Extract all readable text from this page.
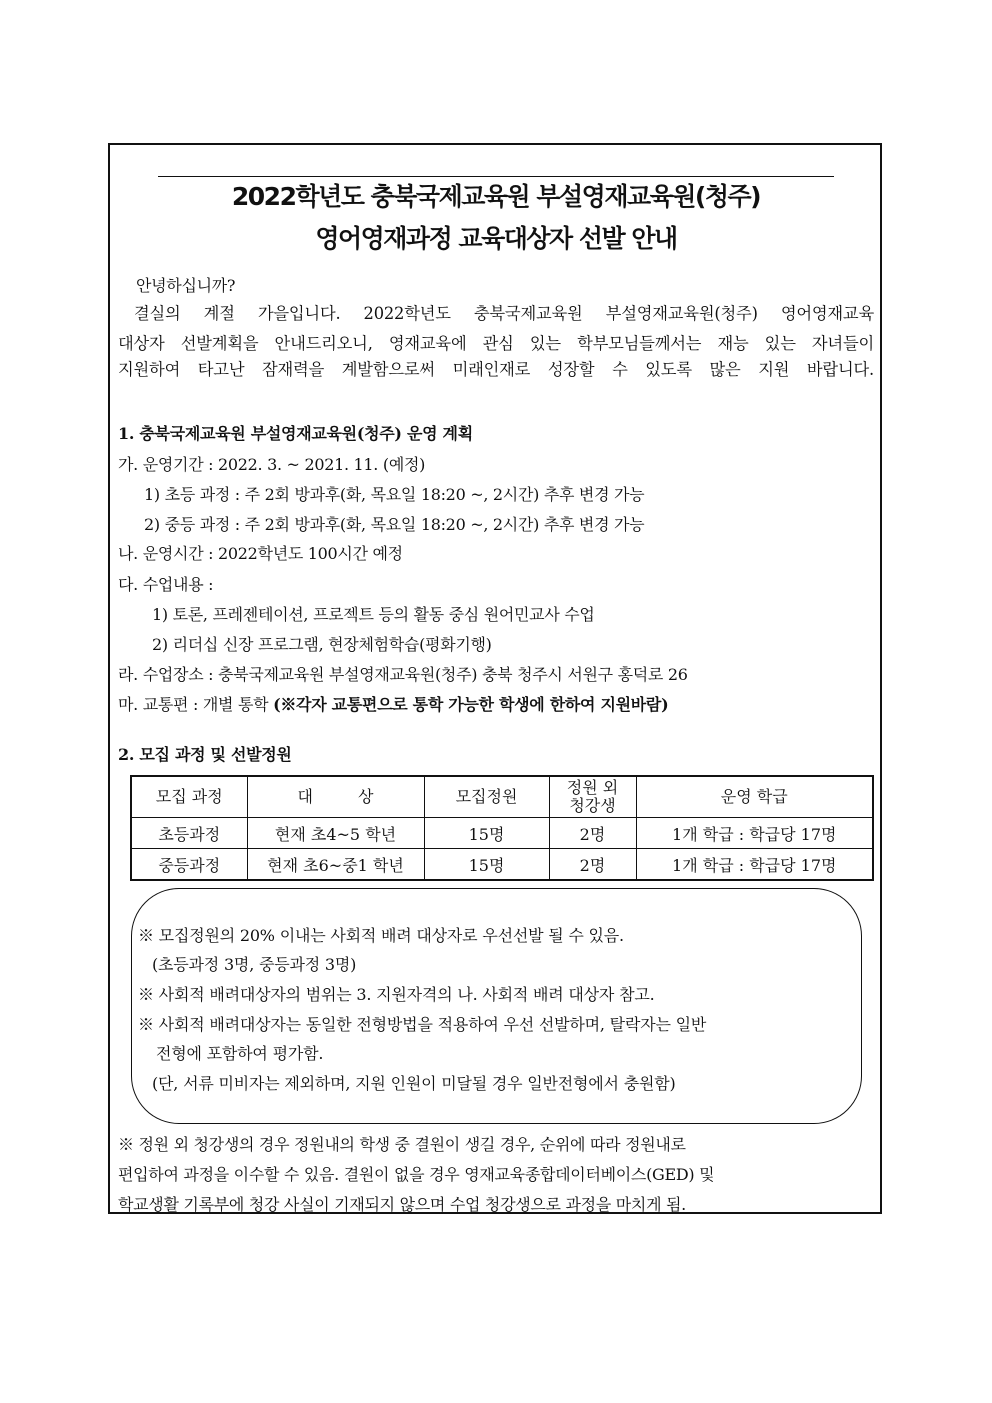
2022학년도 충북국제교육원 부설영재교육원(청주)
영어영재과정 교육대상자 선발 안내
안녕하십니까?
결실의 계절 가을입니다. 2022학년도 충북국제교육원 부설영재교육원(청주) 영어영재교육
대상자 선발계획을 안내드리오니, 영재교육에 관심 있는 학부모님들께서는 재능 있는 자녀들이
지원하여 타고난 잠재력을 계발함으로써 미래인재로 성장할 수 있도록 많은 지원 바랍니다.
1. 충북국제교육원 부설영재교육원(청주) 운영 계획
가. 운영기간 : 2022. 3. ~ 2021. 11. (예정)
1) 초등 과정 : 주 2회 방과후(화, 목요일 18:20 ~, 2시간) 추후 변경 가능
2) 중등 과정 : 주 2회 방과후(화, 목요일 18:20 ~, 2시간) 추후 변경 가능
나. 운영시간 : 2022학년도 100시간 예정
다. 수업내용 :
1) 토론, 프레젠테이션, 프로젝트 등의 활동 중심 원어민교사 수업
2) 리더십 신장 프로그램, 현장체험학습(평화기행)
라. 수업장소 : 충북국제교육원 부설영재교육원(청주) 충북 청주시 서원구 홍덕로 26
마. 교통편 : 개별 통학 (※각자 교통편으로 통학 가능한 학생에 한하여 지원바람)
2. 모집 과정 및 선발정원
모집 과정	대 상	모집정원	정원 외
청강생	운영 학급
초등과정	현재 초4~5 학년	15명	2명	1개 학급 : 학급당 17명
중등과정	현재 초6~중1 학년	15명	2명	1개 학급 : 학급당 17명
※ 모집정원의 20% 이내는 사회적 배려 대상자로 우선선발 될 수 있음.
(초등과정 3명, 중등과정 3명)
※ 사회적 배려대상자의 범위는 3. 지원자격의 나. 사회적 배려 대상자 참고.
※ 사회적 배려대상자는 동일한 전형방법을 적용하여 우선 선발하며, 탈락자는 일반
전형에 포함하여 평가함.
(단, 서류 미비자는 제외하며, 지원 인원이 미달될 경우 일반전형에서 충원함)
※ 정원 외 청강생의 경우 정원내의 학생 중 결원이 생길 경우, 순위에 따라 정원내로
편입하여 과정을 이수할 수 있음. 결원이 없을 경우 영재교육종합데이터베이스(GED) 및
학교생활 기록부에 청강 사실이 기재되지 않으며 수업 청강생으로 과정을 마치게 됨.
